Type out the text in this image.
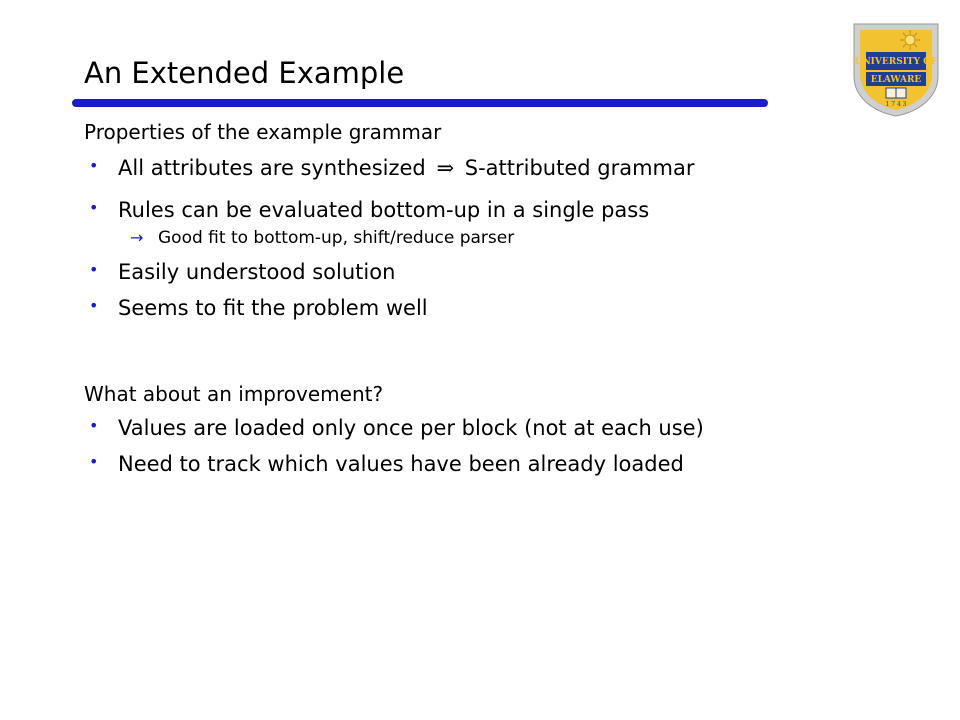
An Extended Example	UNIVERSITY OF
ELAWARE
1 7 4 3
Properties of the example grammar
• All attributes are synthesized ⇒ S-attributed grammar
• Rules can be evaluated bottom-up in a single pass
→ Good fit to bottom-up, shift/reduce parser
• Easily understood solution
• Seems to fit the problem well
What about an improvement?
• Values are loaded only once per block (not at each use)
• Need to track which values have been already loaded
